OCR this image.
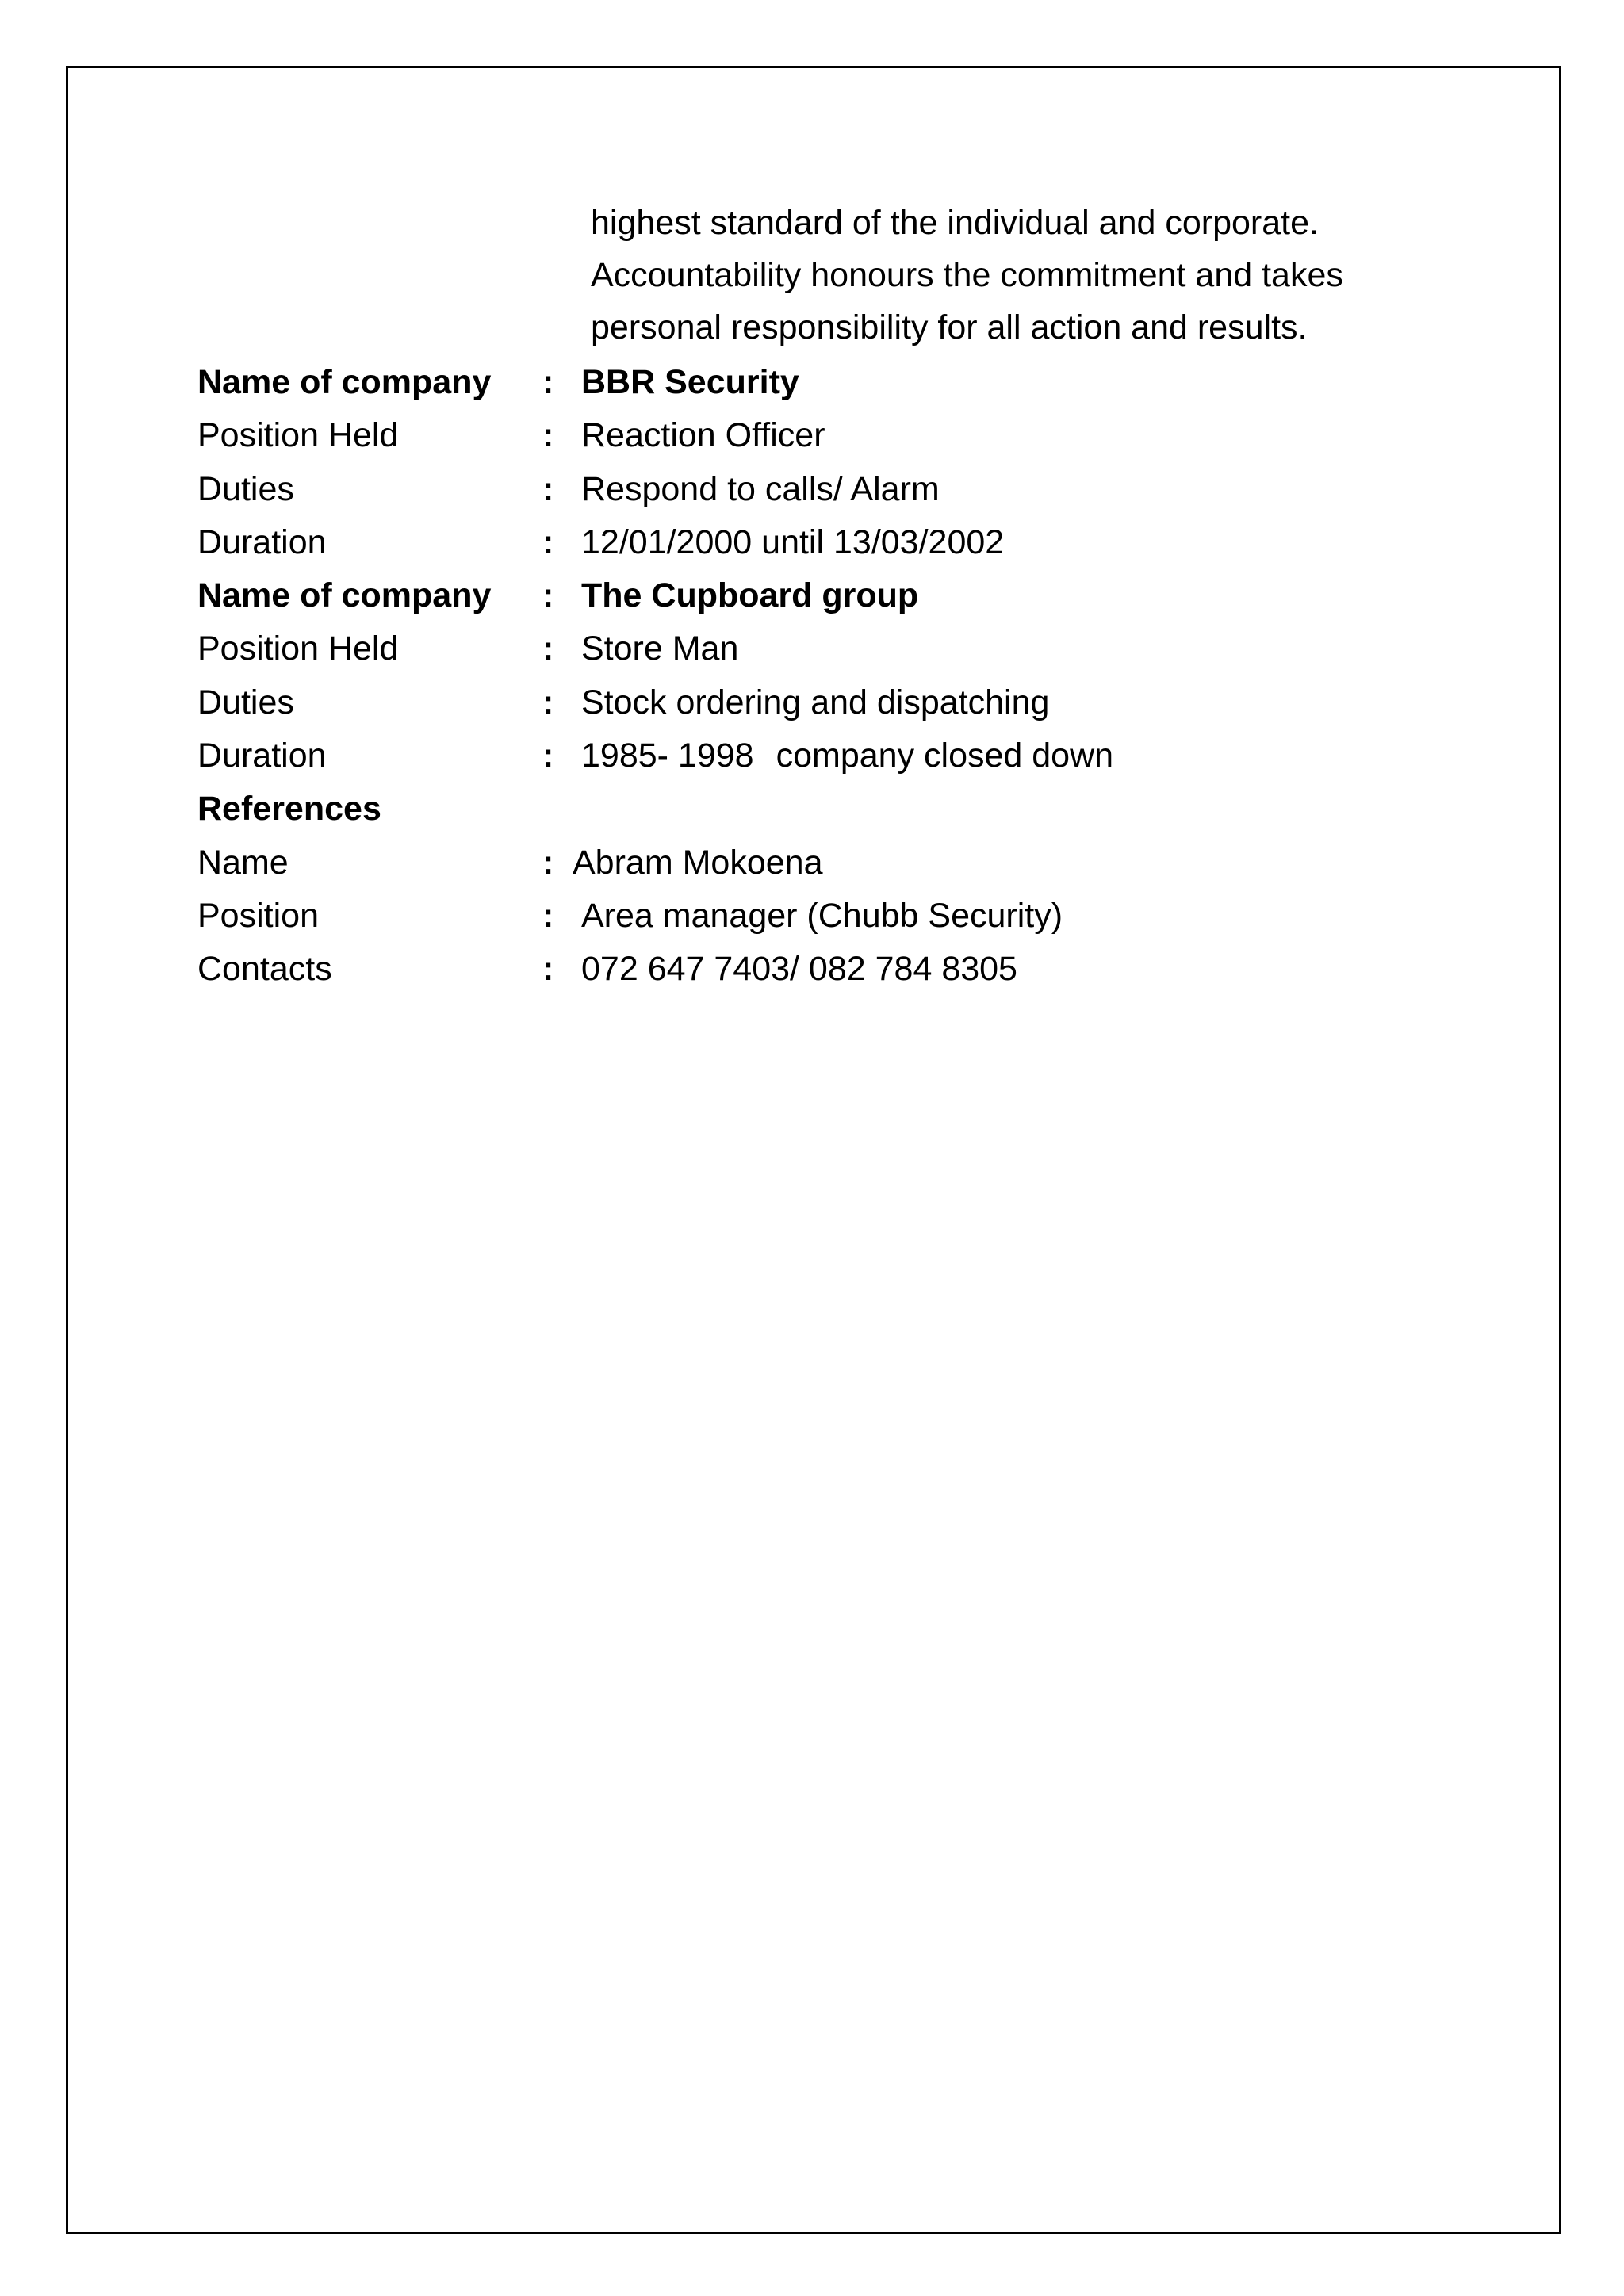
highest standard of the individual and corporate.
Accountability honours the commitment and takes
personal responsibility for all action and results.
Name of company : BBR Security
Position Held	: Reaction Officer
Duties	: Respond to calls/ Alarm
Duration	: 12/01/2000 until 13/03/2002
Name of company : The Cupboard group
Position Held	: Store Man
Duties	: Stock ordering and dispatching
Duration	: 1985- 1998 company closed down
References
Name	: Abram Mokoena
Position	: Area manager (Chubb Security)
Contacts	: 072 647 7403/ 082 784 8305
